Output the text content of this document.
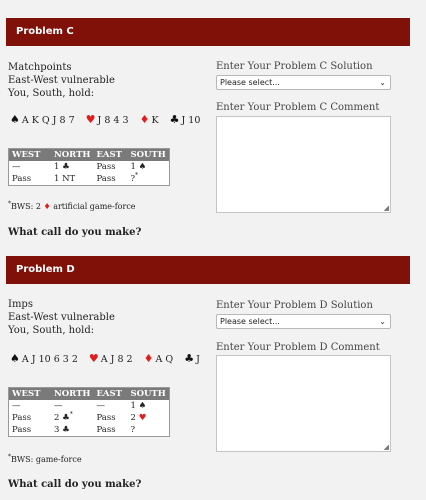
Problem C
Matchpoints
East-West vulnerable
You, South, hold:
♠ A K Q J 8 7 ♥ J 8 4 3 ♦ K ♣ J 10
WEST	NORTH	EAST	SOUTH
—	1 ♣	Pass	1 ♠
Pass	1 NT	Pass	?*
*BWS: 2 ♦ artificial game-force
What call do you make?
Enter Your Problem C Solution
Please select...	⌄
Enter Your Problem C Comment
◢
Problem D
Imps
East-West vulnerable
You, South, hold:
♠ A J 10 6 3 2 ♥ A J 8 2 ♦ A Q ♣ J
WEST	NORTH	EAST	SOUTH
—	—	—	1 ♠
Pass	2 ♣*	Pass	2 ♥
Pass	3 ♣	Pass	?
*BWS: game-force
What call do you make?
Enter Your Problem D Solution
Please select...	⌄
Enter Your Problem D Comment
◢
